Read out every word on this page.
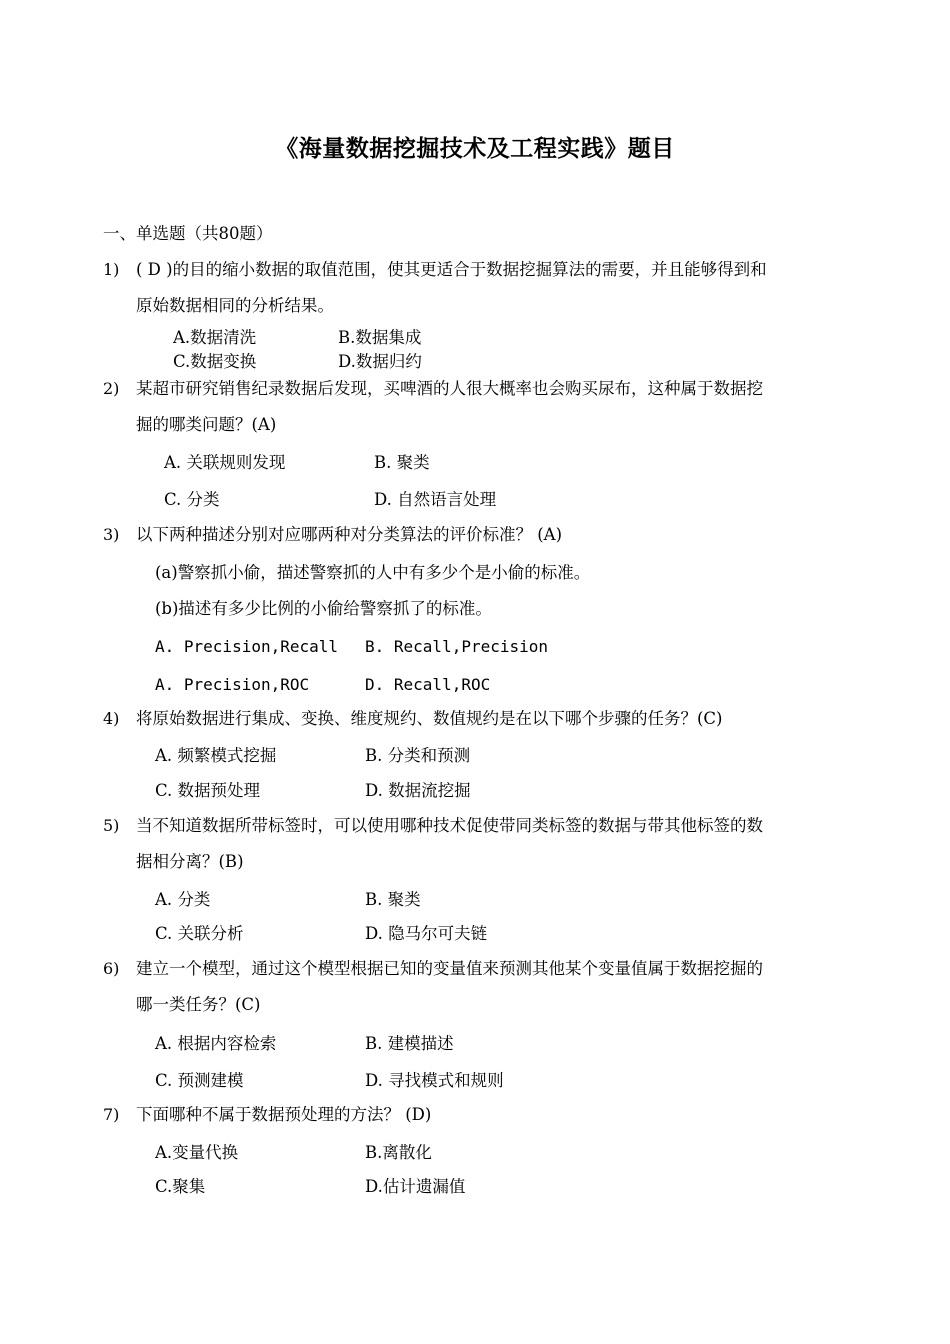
《海量数据挖掘技术及工程实践》题目
一、单选题（共80题）
1) ( D )的目的缩小数据的取值范围，使其更适合于数据挖掘算法的需要，并且能够得到和
原始数据相同的分析结果。
A.数据清洗	B.数据集成
C.数据变换	D.数据归约
2) 某超市研究销售纪录数据后发现，买啤酒的人很大概率也会购买尿布，这种属于数据挖
掘的哪类问题？(A)
A. 关联规则发现	B. 聚类
C. 分类	D. 自然语言处理
3) 以下两种描述分别对应哪两种对分类算法的评价标准？ (A)
(a)警察抓小偷，描述警察抓的人中有多少个是小偷的标准。
(b)描述有多少比例的小偷给警察抓了的标准。
A. Precision,Recall B. Recall,Precision
A. Precision,ROC	D. Recall,ROC
4) 将原始数据进行集成、变换、维度规约、数值规约是在以下哪个步骤的任务？(C)
A. 频繁模式挖掘	B. 分类和预测
C. 数据预处理	D. 数据流挖掘
5) 当不知道数据所带标签时，可以使用哪种技术促使带同类标签的数据与带其他标签的数
据相分离？(B)
A. 分类	B. 聚类
C. 关联分析	D. 隐马尔可夫链
6) 建立一个模型，通过这个模型根据已知的变量值来预测其他某个变量值属于数据挖掘的
哪一类任务？(C)
A. 根据内容检索	B. 建模描述
C. 预测建模	D. 寻找模式和规则
7) 下面哪种不属于数据预处理的方法？ (D)
A.变量代换	B.离散化
C.聚集	D.估计遗漏值
